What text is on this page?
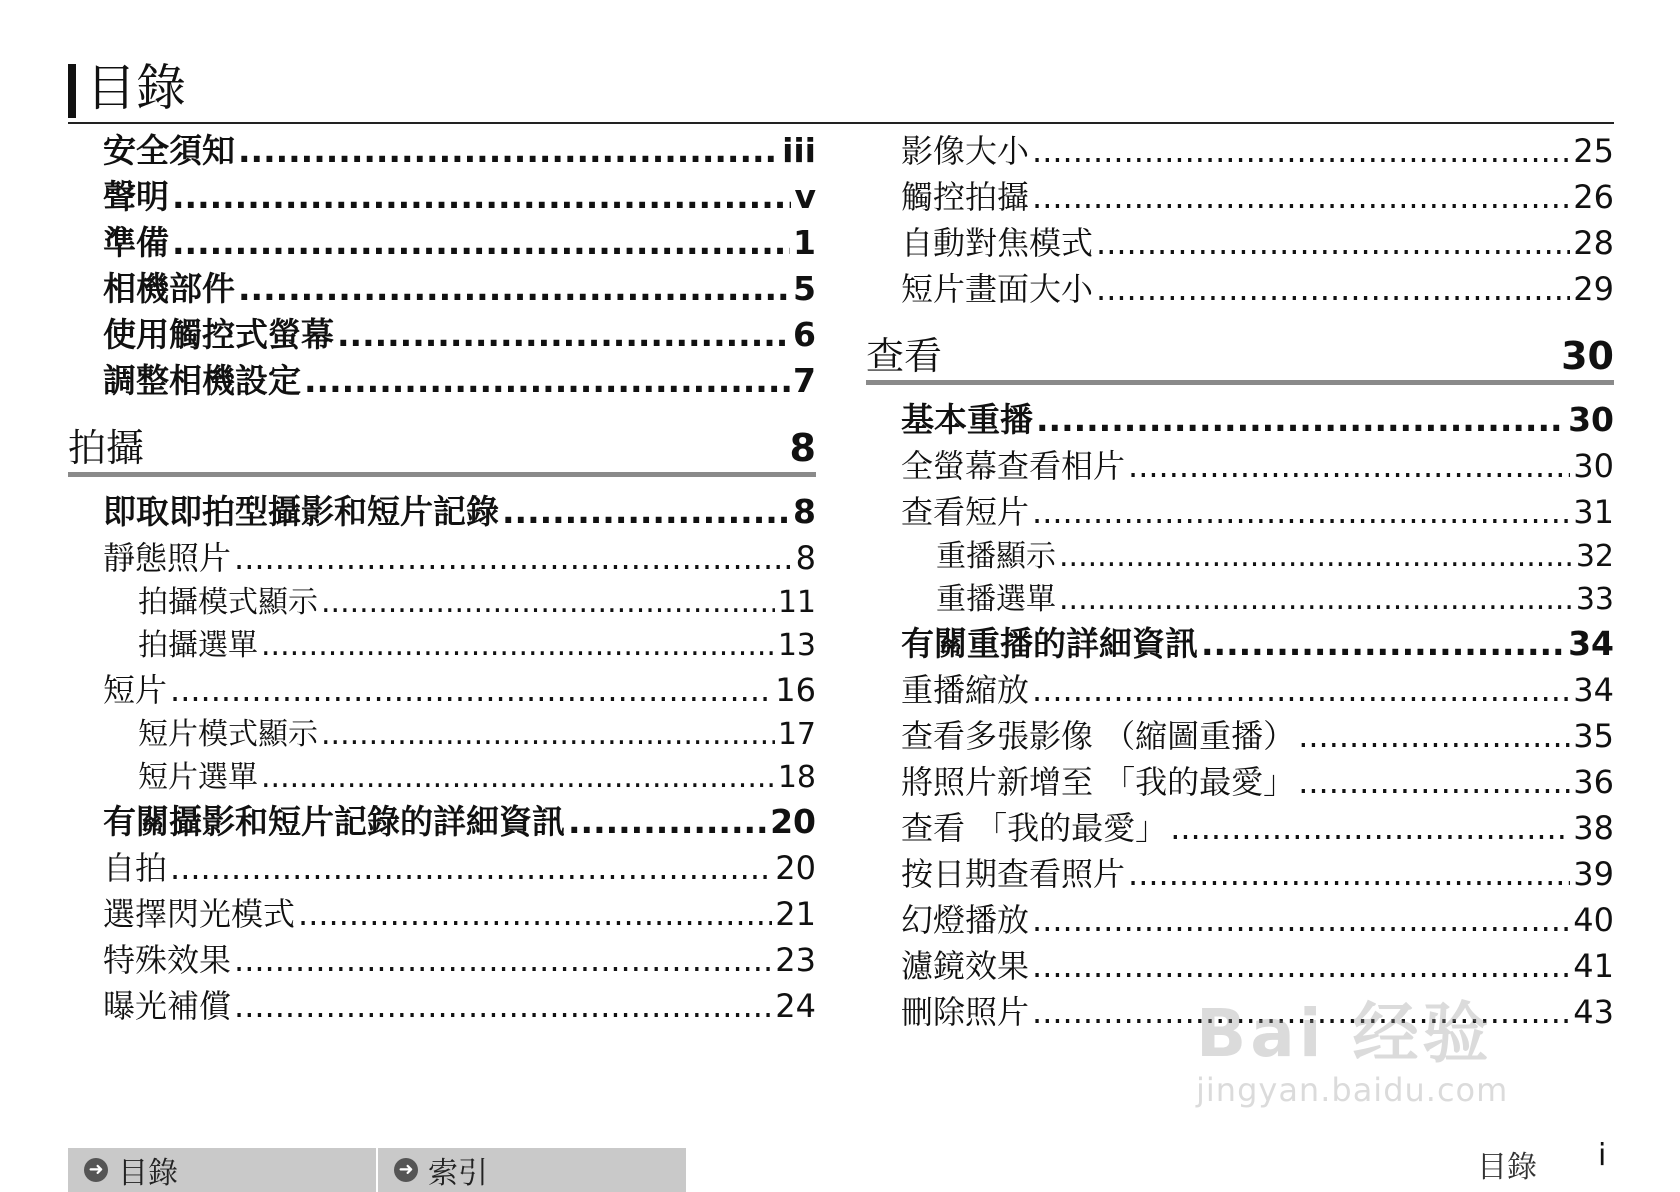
目錄
安全須知 .....	iii
聲明 .....	v
準備 .....	1
相機部件 .....	5
使用觸控式螢幕 .....	6
調整相機設定 .....	7
拍攝	8
即取即拍型攝影和短片記錄 .....	8
靜態照片 .....	8
拍攝模式顯示 .....	11
拍攝選單 .....	13
短片 .....	16
短片模式顯示 .....	17
短片選單 .....	18
有關攝影和短片記錄的詳細資訊 .....	20
自拍 .....	20
選擇閃光模式 .....	21
特殊效果 .....	23
曝光補償 .....	24
影像大小 .....	25
觸控拍攝 .....	26
自動對焦模式 .....	28
短片畫面大小 .....	29
查看	30
基本重播 .....	30
全螢幕查看相片 .....	30
查看短片 .....	31
重播顯示 .....	32
重播選單 .....	33
有關重播的詳細資訊 .....	34
重播縮放 .....	34
查看多張影像 （縮圖重播） .....	35
將照片新增至 「我的最愛」 .....	36
查看 「我的最愛」 .....	38
按日期查看照片 .....	39
幻燈播放 .....	40
濾鏡效果 .....	41
刪除照片 .....	43
Bai 经验
jingyan.baidu.com
➜ 目錄	➜ 索引	目錄 i
